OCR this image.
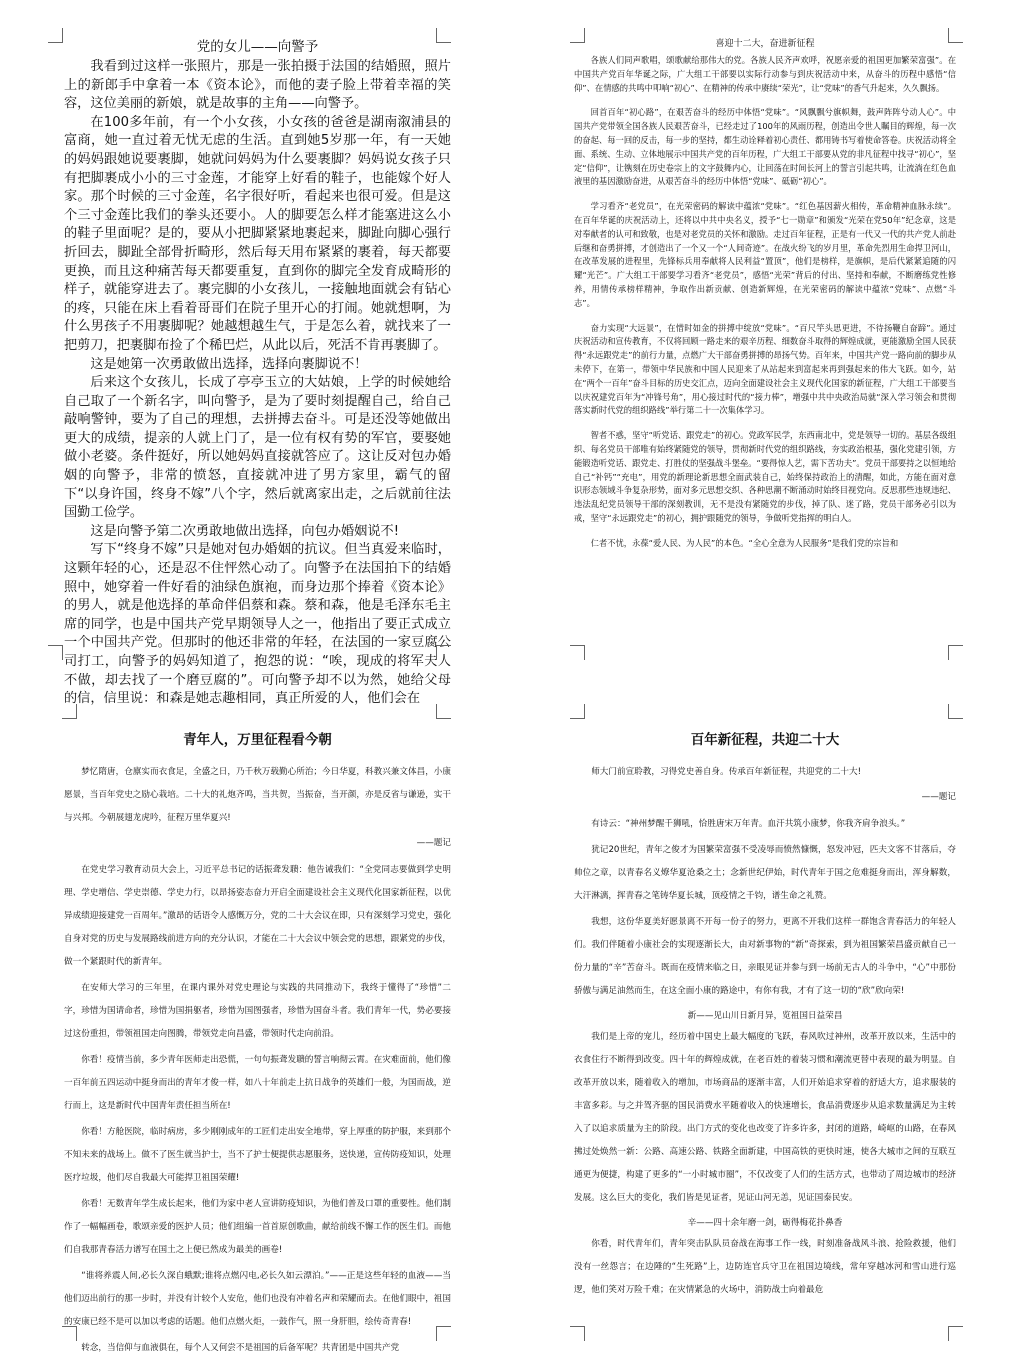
党的女儿——向警予

我看到过这样一张照片，那是一张拍摄于法国的结婚照，照片上的新郎手中拿着一本《资本论》，而他的妻子脸上带着幸福的笑容，这位美丽的新娘，就是故事的主角——向警予。

在100多年前，有一个小女孩，小女孩的爸爸是湖南溆浦县的富商，她一直过着无忧无虑的生活。直到她5岁那一年，有一天她的妈妈跟她说要裹脚，她就问妈妈为什么要裹脚？妈妈说女孩子只有把脚裹成小小的三寸金莲，才能穿上好看的鞋子，也能嫁个好人家。那个时候的三寸金莲，名字很好听，看起来也很可爱。但是这个三寸金莲比我们的拳头还要小。人的脚要怎么样才能塞进这么小的鞋子里面呢？是的，要从小把脚紧紧地裹起来，脚趾向脚心强行折回去，脚趾全部骨折畸形，然后每天用布紧紧的裹着，每天都要更换，而且这种痛苦每天都要重复，直到你的脚完全发育成畸形的样子，就能穿进去了。裹完脚的小女孩儿，一接触地面就会有钻心的疼，只能在床上看着哥哥们在院子里开心的打闹。她就想啊，为什么男孩子不用裹脚呢？她越想越生气，于是怎么着，就找来了一把剪刀，把裹脚布捡了个稀巴烂，从此以后，死活不肯再裹脚了。

这是她第一次勇敢做出选择，选择向裹脚说不！

后来这个女孩儿，长成了亭亭玉立的大姑娘，上学的时候她给自己取了一个新名字，叫向警予，是为了要时刻提醒自己，给自己敲响警钟，要为了自己的理想，去拼搏去奋斗。可是还没等她做出更大的成绩，提亲的人就上门了，是一位有权有势的军官，要娶她做小老婆。条件挺好，所以她妈妈直接就答应了。这让反对包办婚姻的向警予，非常的愤怒，直接就冲进了男方家里，霸气的留下“以身许国，终身不嫁”八个字，然后就离家出走，之后就前往法国勤工俭学。

这是向警予第二次勇敢地做出选择，向包办婚姻说不!

写下“终身不嫁”只是她对包办婚姻的抗议。但当真爱来临时，这颗年轻的心，还是忍不住怦然心动了。向警予在法国拍下的结婚照中，她穿着一件好看的油绿色旗袍，而身边那个捧着《资本论》的男人，就是他选择的革命伴侣蔡和森。蔡和森，他是毛泽东毛主席的同学，也是中国共产党早期领导人之一，他指出了要正式成立一个中国共产党。但那时的他还非常的年轻，在法国的一家豆腐公司打工，向警予的妈妈知道了，抱怨的说：“唉，现成的将军夫人不做，却去找了一个磨豆腐的”。可向警予却不以为然，她给父母的信，信里说：和森是她志趣相同，真正所爱的人，他们会在

喜迎十二大，奋进新征程

各族人们同声歌唱，颂歌献给那伟大的党。各族人民齐声欢呼，祝愿亲爱的祖国更加繁荣富强”。在中国共产党百年华诞之际，广大组工干部要以实际行动参与到庆祝活动中来，从奋斗的历程中感悟“信仰”、在情感的共鸣中叩响“初心”、在精神的传承中赓续“荣光”，让“党味”的香气升起来，久久飘扬。

回首百年“初心路”，在艰苦奋斗的经历中体悟“党味”。“风飘飘兮旗帜舞，鼓声阵阵兮动人心”。中国共产党带领全国各族人民艰苦奋斗，已经走过了100年的风雨历程，创造出令世人瞩目的辉煌，每一次的奋起、每一回的反击，每一步的坚持，都生动诠释着初心责任、都用铸书写着使命答卷。庆祝活动将全面、系统、生动、立体地展示中国共产党的百年历程，广大组工干部要从党的非凡征程中找寻“初心”，坚定“信仰”，让镌刻在历史卷宗上的文字鼓舞内心，让回荡在时间长河上的誓言引起共鸣，让流淌在红色血液里的基因激励奋进，从艰苦奋斗的经历中体悟“党味”、砥砺“初心”。

学习看齐“老党员”，在光荣密码的解读中蕴浓“党味”。“红色基因薪火相传，革命精神血脉永续”。在百年华诞的庆祝活动上，还将以中共中央名义，授予“七一勋章”和颁发“光荣在党50年”纪念章，这是对奉献者的认可和致敬，也是对老党员的关怀和激励。走过百年征程，正是有一代又一代的共产党人前赴后继和奋勇拼搏，才创造出了一个又一个“人间奇迹”。在战火纷飞的岁月里，革命先烈用生命捍卫河山，在改革发展的进程里，先锋标兵用奉献将人民利益“置顶”，他们是榜样，是旗帜，是后代紧紧追随的闪耀“光芒”。广大组工干部要学习看齐“老党员”，感悟“光荣”背后的付出、坚持和奉献，不断磨练党性修养，用情传承榜样精神，争取作出新贡献、创造新辉煌，在光荣密码的解读中蕴浓“党味”、点燃“斗志”。

奋力实现“大远景”，在惜时如金的拼搏中绽放“党味”。“百尺竿头思更进，不待扬鞭自奋蹄”。通过庆祝活动和宣传教育，不仅将回顾一路走来的艰辛历程、细数奋斗取得的辉煌成就，更能激励全国人民获得“永远跟党走”的前行力量，点燃广大干部奋勇拼搏的昂扬气势。百年来，中国共产党一路向前的脚步从未停下，在第一，带领中华民族和中国人民迎来了从站起来到富起来再到强起来的伟大飞跃。如今，站在“两个一百年”奋斗目标的历史交汇点，迈向全面建设社会主义现代化国家的新征程，广大组工干部要当以庆祝建党百年为“冲锋号角”，用心接过时代的“接力棒”，增强中共中央政治局就“深入学习领会和贯彻落实新时代党的组织路线”举行第二十一次集体学习。

智者不惑，坚守“听党话、跟党走”的初心。党政军民学，东西南北中，党是领导一切的。基层各级组织、每名党员干部唯有始终紧随党的领导，贯彻新时代党的组织路线，夯实政治根基，强化党建引领，方能锻造听党话、跟党走、打胜仗的坚强战斗堡垒。“要得惊人艺，需下苦功夫”。党员干部要持之以恒地给自己“补钙”“充电”，用党的新理论新思想全面武装自己，始终保持政治上的清醒，如此，方能在面对意识形态领域斗争复杂形势，面对多元思想交织、各种思潮不断涌动时始终目视党向。反思那些违规违纪、违法乱纪党员领导干部的深刻教训，无不是没有紧随党的步伐，掉了队、迷了路，党员干部务必引以为戒，坚守“永远跟党走”的初心，拥护跟随党的领导，争做听党指挥的明白人。

仁者不忧，永葆“爱人民、为人民”的本色。“全心全意为人民服务”是我们党的宗旨和

青年人，万里征程看今朝

梦忆隋唐，仓廪实而衣食足，全盛之日，乃千秋万载勤心所治；今日华夏，科教兴兼文体昌，小康愿景，当百年党史之励心栽培。二十大的礼炮齐鸣，当共贺，当振奋，当开颜，亦是反省与谦逊，实干与兴邦。今朝展翅龙虎吟，征程万里华夏兴!

——题记

在党史学习教育动员大会上，习近平总书记的话振聋发聩：他告诫我们：“全党同志要做到学史明理、学史增信、学史崇德、学史力行，以昂扬姿态奋力开启全面建设社会主义现代化国家新征程，以优异成绩迎接建党一百周年。”激昂的话语令人感慨万分，党的二十大会议在即，只有深刻学习党史，强化自身对党的历史与发展路线前进方向的充分认识，才能在二十大会议中领会党的思想，跟紧党的步伐，做一个紧跟时代的新青年。

在安师大学习的三年里，在课内课外对党史理论与实践的共同推动下，我终于懂得了“珍惜”二字，珍惜为国请命者，珍惜为国捐躯者，珍惜为国图强者，珍惜为国奋斗者。我们青年一代，势必要接过这份重担，带领祖国走向图腾，带领党走向昌盛，带领时代走向前沿。

你看！疫情当前，多少青年医师走出恐慌，一句句振聋发聩的誓言响彻云霄。在灾难面前，他们像一百年前五四运动中挺身而出的青年才俊一样，如八十年前走上抗日战争的英雄们一般，为国而战，逆行而上，这是新时代中国青年责任担当所在!

你看！方舱医院，临时病房，多少刚刚成年的工匠们走出安全地带，穿上厚重的防护服，来到那个不知未来的战场上。做不了医生就当护士，当不了护士便提供志愿服务，送快递，宣传防疫知识，处理医疗垃圾，他们尽自我最大可能捍卫祖国荣耀!

你看！无数青年学生成长起来，他们为家中老人宣讲防疫知识，为他们普及口罩的重要性。他们制作了一幅幅画卷，歌颂亲爱的医护人员；他们组编一首首原创歌曲，献给前线不懈工作的医生们。而他们自我那青春活力谱写在国土之上便已然成为最美的画卷!

“谁将养震人间,必长久深自蛾默;谁将点燃闪电,必长久如云漂泊。”——正是这些年轻的血液——当他们迈出前行的那一步时，并没有计较个人安危，他们也没有冲着名声和荣耀而去。在他们眼中，祖国的安康已经不是可以加以考虑的话题。他们点燃火炬，一鼓作气，照一身肝胆，绘传奇青春!

转念，当信仰与血液俱在，每个人又何尝不是祖国的后备军呢？共青团是中国共产党

百年新征程，共迎二十大

师大门前宣聆教，习得党史善自身。传承百年新征程，共迎党的二十大!

——题记

有诗云：“神州梦醒千狮吼，恰胜唐宋万年青。血汗共筑小康梦，你我齐肩争浪头。”

犹记20世纪，青年之俊才为国繁荣富强不受凌辱而愤然慷慨，怒发冲冠，匹夫文客不甘落后，夺帅位之章，以青春名义燎华夏沧桑之土；念新世纪伊始，时代青年于国之危难挺身而出，浑身解数，大汗淋漓，挥青春之笔铸华夏长城，顶疫情之千钧，谱生命之礼赞。

我想，这份华夏美好愿景离不开每一份子的努力，更离不开我们这样一群饱含青春活力的年轻人们。我们伴随着小康社会的实现逐渐长大，由对新事物的“新”奇探索，到为祖国繁荣昌盛贡献自己一份力量的“辛”苦奋斗。既而在疫情来临之日，亲眼见证并参与到一场前无古人的斗争中，“心”中那份骄傲与满足油然而生，在这全面小康的路途中，有你有我，才有了这一切的“欣”欣向荣!

新——见山川日新月异，览祖国日益荣昌

我们是上帝的宠儿，经历着中国史上最大幅度的飞跃，春风吹过神州，改革开放以来，生活中的衣食住行不断得到改变。四十年的辉煌成就，在老百姓的着装习惯和潮流更替中表现的最为明显。自改革开放以来，随着收入的增加，市场商品的逐渐丰富，人们开始追求穿着的舒适大方，追求服装的丰富多彩。与之并驾齐驱的国民消费水平随着收入的快速增长，食品消费逐步从追求数量满足为主转入了以追求质量为主的阶段。出门方式的变化也改变了许多许多，封闭的道路，崎岖的山路，在春风拂过处焕然一新：公路、高速公路、铁路全面新建，中国高铁的更快时速，使各大城市之间的互联互通更为便捷，构建了更多的“一小时城市圈”，不仅改变了人们的生活方式，也带动了周边城市的经济发展。这么巨大的变化，我们皆是见证者，见证山河无恙，见证国泰民安。

辛——四十余年磨一剑，砺得梅花扑鼻香

你看，时代青年们，青年突击队队员奋战在海事工作一线，时刻准备战风斗浪、抢险救援，他们没有一丝怨言；在边陲的“生死路”上，边防连官兵守卫在祖国边境线，常年穿越冰河和雪山进行巡逻，他们笑对万险千难；在灾情紧急的火场中，消防战士向着最危
